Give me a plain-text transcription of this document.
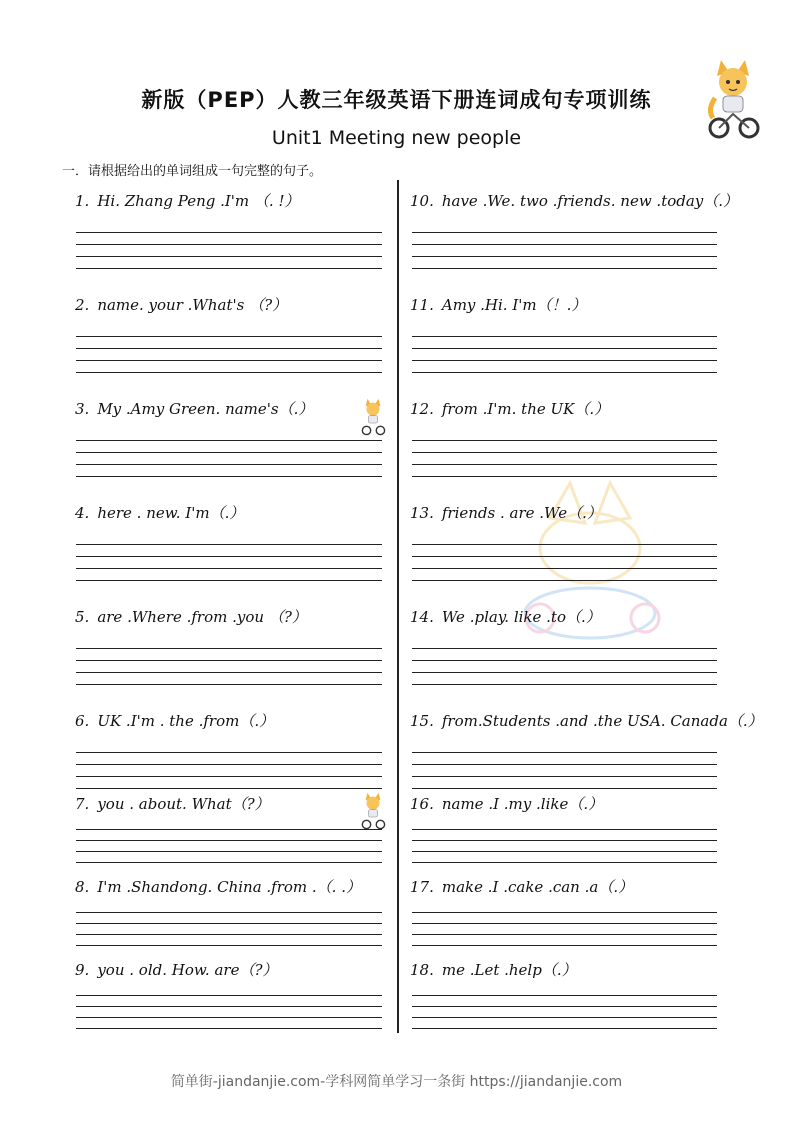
新版（PEP）人教三年级英语下册连词成句专项训练
Unit1 Meeting new people
一．请根据给出的单词组成一句完整的句子。
1. Hi. Zhang Peng .I'm （. !）
2. name. your .What's （?）
3. My .Amy Green. name's（.）
4. here . new. I'm（.）
5. are .Where .from .you （?）
6. UK .I'm . the .from（.）
7. you . about. What（?）
8. I'm .Shandong. China .from .（. .）
9. you . old. How. are（?）
10. have .We. two .friends. new .today（.）
11. Amy .Hi. I'm（！.）
12. from .I'm. the UK（.）
13. friends . are .We（.）
14. We .play. like .to（.）
15. from.Students .and .the USA. Canada（.）
16. name .I .my .like（.）
17. make .I .cake .can .a（.）
18. me .Let .help（.）
简单街-jiandanjie.com-学科网简单学习一条街 https://jiandanjie.com
